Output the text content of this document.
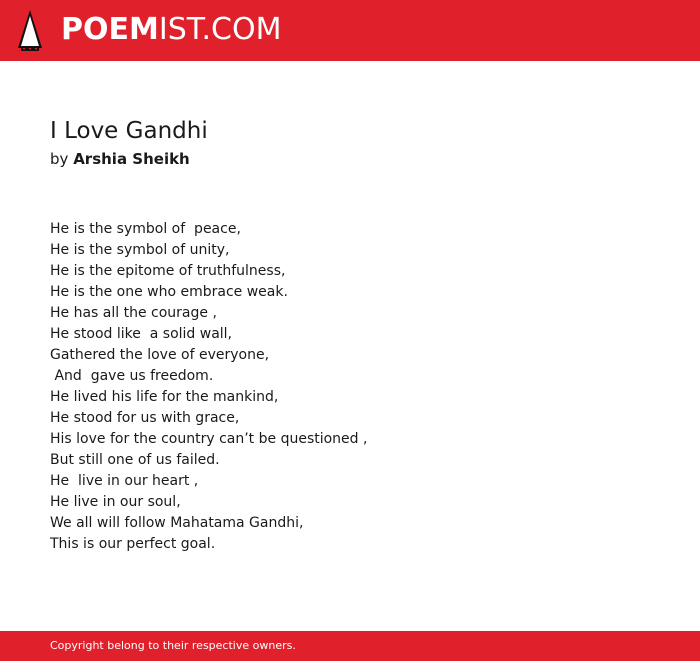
POEMIST.COM
I Love Gandhi
by Arshia Sheikh
He is the symbol of  peace,
He is the symbol of unity,
He is the epitome of truthfulness,
He is the one who embrace weak.
He has all the courage ,
He stood like  a solid wall,
Gathered the love of everyone,
And  gave us freedom.
He lived his life for the mankind,
He stood for us with grace,
His love for the country can’t be questioned ,
But still one of us failed.
He  live in our heart ,
He live in our soul,
We all will follow Mahatama Gandhi,
This is our perfect goal.
Copyright belong to their respective owners.
